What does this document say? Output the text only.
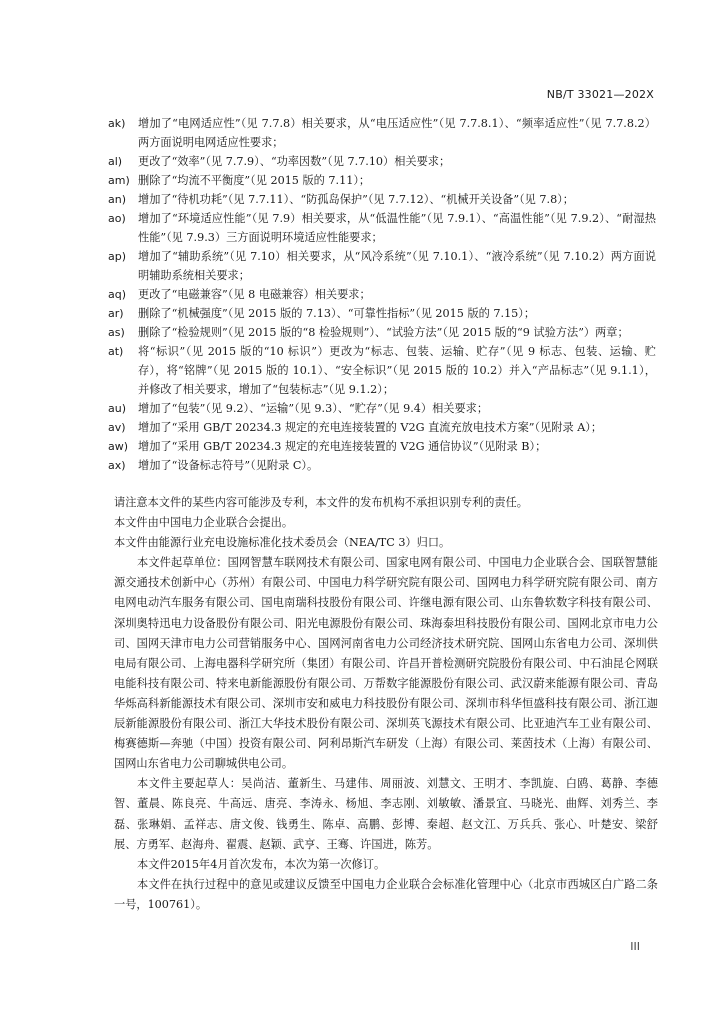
NB/T 33021—202X
ak)	增加了“电网适应性”（见 7.7.8）相关要求，从“电压适应性”（见 7.7.8.1）、“频率适应性”（见 7.7.8.2）两方面说明电网适应性要求；
al)	更改了“效率”（见 7.7.9）、“功率因数”（见 7.7.10）相关要求；
am) 删除了“均流不平衡度”（见 2015 版的 7.11）；
an)	增加了“待机功耗”（见 7.7.11）、“防孤岛保护”（见 7.7.12）、“机械开关设备”（见 7.8）；
ao)	增加了“环境适应性能”（见 7.9）相关要求，从“低温性能”（见 7.9.1）、“高温性能”（见 7.9.2）、“耐湿热性能”（见 7.9.3）三方面说明环境适应性能要求；
ap)	增加了“辅助系统”（见 7.10）相关要求，从“风冷系统”（见 7.10.1）、“液冷系统”（见 7.10.2）两方面说明辅助系统相关要求；
aq)	更改了“电磁兼容”（见 8 电磁兼容）相关要求；
ar)	删除了“机械强度”（见 2015 版的 7.13）、“可靠性指标”（见 2015 版的 7.15）；
as)	删除了“检验规则”（见 2015 版的“8 检验规则”）、“试验方法”（见 2015 版的“9 试验方法”）两章；
at)	将“标识”（见 2015 版的“10 标识”）更改为“标志、包装、运输、贮存”（见 9 标志、包装、运输、贮存），将“铭牌”（见 2015 版的 10.1）、“安全标识”（见 2015 版的 10.2）并入“产品标志”（见 9.1.1），并修改了相关要求，增加了“包装标志”（见 9.1.2）；
au)	增加了“包装”（见 9.2）、“运输”（见 9.3）、“贮存”（见 9.4）相关要求；
av)	增加了“采用 GB/T 20234.3 规定的充电连接装置的 V2G 直流充放电技术方案”（见附录 A）；
aw) 增加了“采用 GB/T 20234.3 规定的充电连接装置的 V2G 通信协议”（见附录 B）；
ax)	增加了“设备标志符号”（见附录 C）。

请注意本文件的某些内容可能涉及专利，本文件的发布机构不承担识别专利的责任。

本文件由中国电力企业联合会提出。

本文件由能源行业充电设施标准化技术委员会（NEA/TC 3）归口。

本文件起草单位：国网智慧车联网技术有限公司、国家电网有限公司、中国电力企业联合会、国联智慧能源交通技术创新中心（苏州）有限公司、中国电力科学研究院有限公司、国网电力科学研究院有限公司、南方电网电动汽车服务有限公司、国电南瑞科技股份有限公司、许继电源有限公司、山东鲁软数字科技有限公司、深圳奥特迅电力设备股份有限公司、阳光电源股份有限公司、珠海泰坦科技股份有限公司、国网北京市电力公司、国网天津市电力公司营销服务中心、国网河南省电力公司经济技术研究院、国网山东省电力公司、深圳供电局有限公司、上海电器科学研究所（集团）有限公司、许昌开普检测研究院股份有限公司、中石油昆仑网联电能科技有限公司、特来电新能源股份有限公司、万帮数字能源股份有限公司、武汉蔚来能源有限公司、青岛华烁高科新能源技术有限公司、深圳市安和威电力科技股份有限公司、深圳市科华恒盛科技有限公司、浙江迦辰新能源股份有限公司、浙江大华技术股份有限公司、深圳英飞源技术有限公司、比亚迪汽车工业有限公司、梅赛德斯—奔驰（中国）投资有限公司、阿利昂斯汽车研发（上海）有限公司、莱茵技术（上海）有限公司、国网山东省电力公司聊城供电公司。

本文件主要起草人：吴尚洁、董新生、马建伟、周丽波、刘慧文、王明才、李凯旋、白鸥、葛静、李德智、董晨、陈良亮、牛高远、唐亮、李涛永、杨旭、李志刚、刘敏敏、潘景宜、马晓光、曲辉、刘秀兰、李磊、张琳娟、孟祥志、唐文俊、钱勇生、陈卓、高鹏、彭博、秦超、赵文江、万兵兵、张心、叶楚安、梁舒展、方勇军、赵海舟、翟震、赵颖、武亨、王骞、许国进，陈芳。

本文件2015年4月首次发布，本次为第一次修订。

本文件在执行过程中的意见或建议反馈至中国电力企业联合会标准化管理中心（北京市西城区白广路二条一号，100761）。

III
